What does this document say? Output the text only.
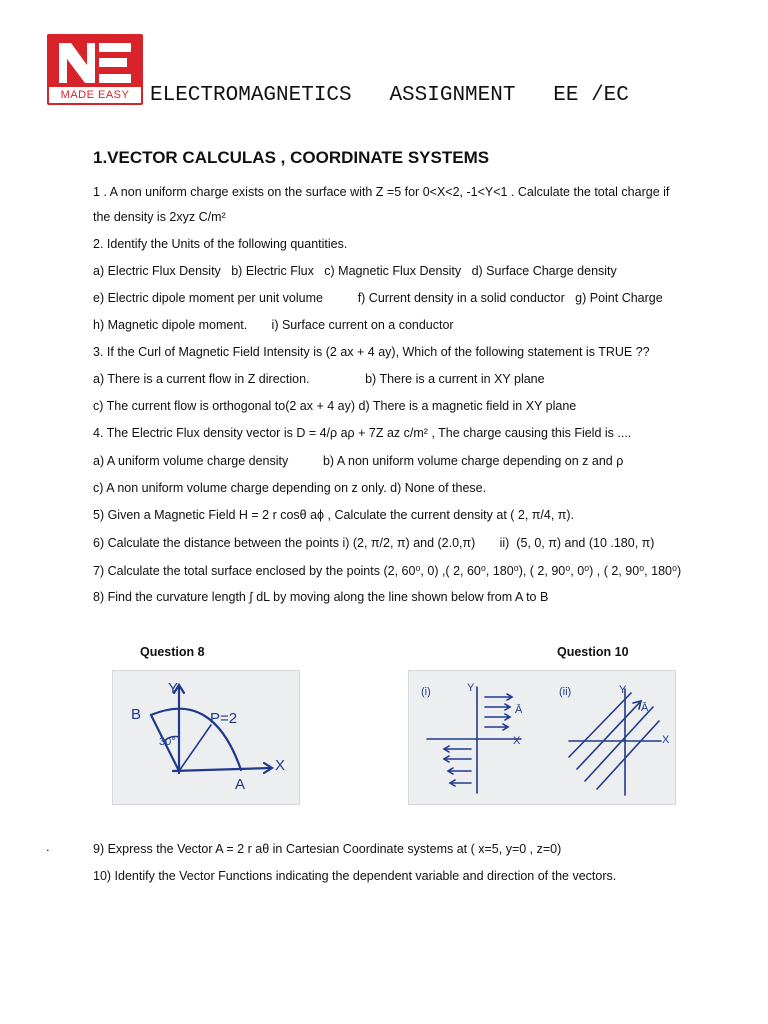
MADE EASY ELECTROMAGNETICS   ASSIGNMENT   EE /EC
1.VECTOR CALCULAS , COORDINATE SYSTEMS
1 . A non uniform charge exists on the surface with Z =5 for 0<X<2, -1<Y<1 . Calculate the total charge if
the density is 2xyz C/m²
2. Identify the Units of the following quantities.
a) Electric Flux Density   b) Electric Flux   c) Magnetic Flux Density   d) Surface Charge density
e) Electric dipole moment per unit volume          f) Current density in a solid conductor   g) Point Charge
h) Magnetic dipole moment.       i) Surface current on a conductor
3. If the Curl of Magnetic Field Intensity is (2 ax + 4 ay), Which of the following statement is TRUE ??
a) There is a current flow in Z direction.                b) There is a current in XY plane
c) The current flow is orthogonal to(2 ax + 4 ay) d) There is a magnetic field in XY plane
4. The Electric Flux density vector is D = 4/ρ aρ + 7Z az c/m² , The charge causing this Field is ....
a) A uniform volume charge density          b) A non uniform volume charge depending on z and ρ
c) A non uniform volume charge depending on z only. d) None of these.
5) Given a Magnetic Field H = 2 r cosθ aϕ , Calculate the current density at ( 2, π/4, π).
6) Calculate the distance between the points i) (2, π/2, π) and (2.0,π)       ii)  (5, 0, π) and (10 .180, π)
7) Calculate the total surface enclosed by the points (2, 60⁰, 0) ,( 2, 60⁰, 180⁰), ( 2, 90⁰, 0⁰) , ( 2, 90⁰, 180⁰)
8) Find the curvature length ∫ dL by moving along the line shown below from A to B
Question 8	Question 10
Y
X
B
A
P=2
30°
(i)	(ii)
Y
X
Ā
Y
X
Ā
.	9) Express the Vector A = 2 r aθ in Cartesian Coordinate systems at ( x=5, y=0 , z=0)
10) Identify the Vector Functions indicating the dependent variable and direction of the vectors.
